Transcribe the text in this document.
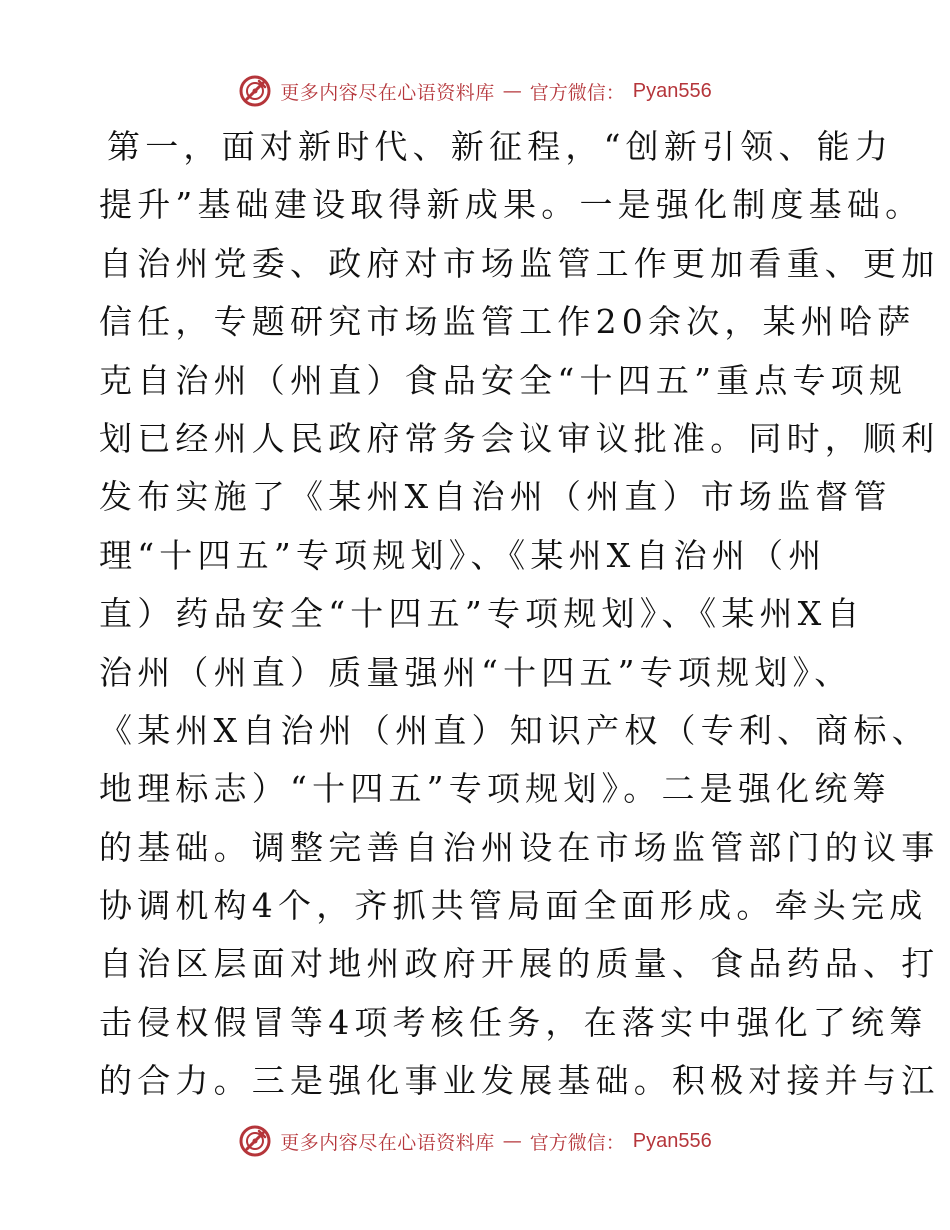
更多内容尽在心语资料库 — 官方微信： Pyan556
第一，面对新时代、新征程，“创新引领、能力
提升”基础建设取得新成果。一是强化制度基础。
自治州党委、政府对市场监管工作更加看重、更加
信任，专题研究市场监管工作20余次，某州哈萨
克自治州（州直）食品安全“十四五”重点专项规
划已经州人民政府常务会议审议批准。同时，顺利
发布实施了《某州X自治州（州直）市场监督管
理“十四五”专项规划》、《某州X自治州（州
直）药品安全“十四五”专项规划》、《某州X自
治州（州直）质量强州“十四五”专项规划》、
《某州X自治州（州直）知识产权（专利、商标、
地理标志）“十四五”专项规划》。二是强化统筹
的基础。调整完善自治州设在市场监管部门的议事
协调机构4个，齐抓共管局面全面形成。牵头完成
自治区层面对地州政府开展的质量、食品药品、打
击侵权假冒等4项考核任务，在落实中强化了统筹
的合力。三是强化事业发展基础。积极对接并与江
更多内容尽在心语资料库 — 官方微信： Pyan556
